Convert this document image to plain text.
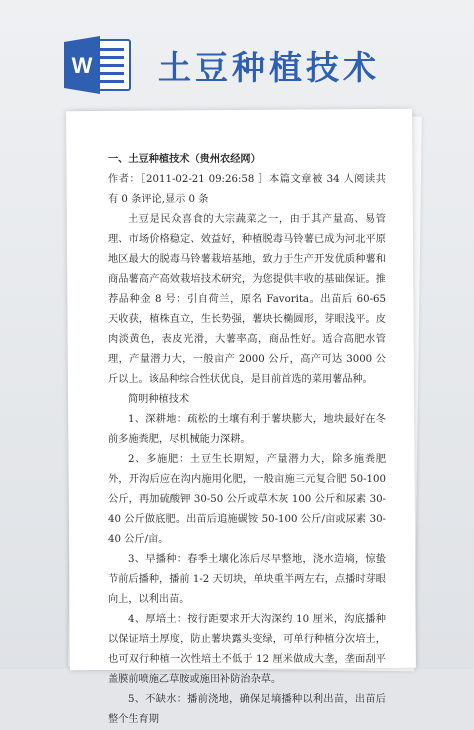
W 土豆种植技术

一、土豆种植技术（贵州农经网）

作者：［2011-02-21 09:26:58 ］本篇文章被 34 人阅读共有 0 条评论,显示 0 条

土豆是民众喜食的大宗蔬菜之一，由于其产量高、易管理、市场价格稳定、效益好，种植脱毒马铃薯已成为河北平原地区最大的脱毒马铃薯栽培基地，致力于生产开发优质种薯和商品薯高产高效栽培技术研究，为您提供丰收的基础保证。推荐品种金 8 号：引自荷兰，原名 Favorita。出苗后 60-65 天收获，植株直立，生长势强，薯块长椭圆形，芽眼浅平。皮肉淡黄色，表皮光滑，大薯率高，商品性好。适合高肥水管理，产量潜力大，一般亩产 2000 公斤，高产可达 3000 公斤以上。该品种综合性状优良，是目前首选的菜用薯品种。

简明种植技术

1、深耕地：疏松的土壤有利于薯块膨大，地块最好在冬前多施粪肥，尽机械能力深耕。

2、多施肥：土豆生长期短，产量潜力大，除多施粪肥外，开沟后应在沟内施用化肥，一般亩施三元复合肥 50-100 公斤，再加硫酸钾 30-50 公斤或草木灰 100 公斤和尿素 30-40 公斤做底肥。出苗后追施碳铵 50-100 公斤/亩或尿素 30-40 公斤/亩。

3、早播种：春季土壤化冻后尽早整地，浇水造墒，惊蛰节前后播种，播前 1-2 天切块，单块重半两左右，点播时芽眼向上，以利出苗。

4、厚培土：按行距要求开大沟深约 10 厘米，沟底播种以保证培土厚度，防止薯块露头变绿，可单行种植分次培土，也可双行种植一次性培土不低于 12 厘米做成大垄，垄面刮平盖膜前喷施乙草胺或施田补防治杂草。

5、不缺水：播前浇地，确保足墒播种以利出苗，出苗后整个生育期
